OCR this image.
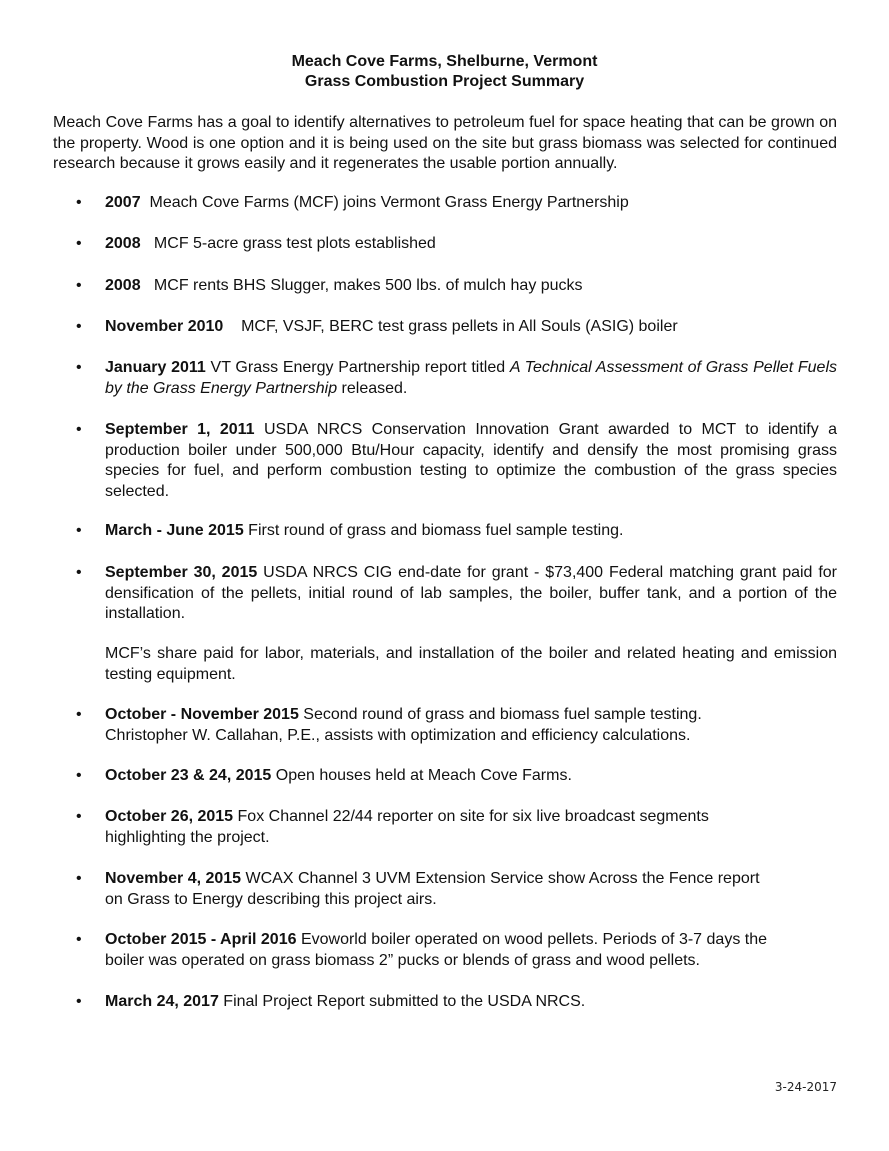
Meach Cove Farms, Shelburne, Vermont
Grass Combustion Project Summary
Meach Cove Farms has a goal to identify alternatives to petroleum fuel for space heating that can be grown on the property. Wood is one option and it is being used on the site but grass biomass was selected for continued research because it grows easily and it regenerates the usable portion annually.
• 2007  Meach Cove Farms (MCF) joins Vermont Grass Energy Partnership
• 2008   MCF 5-acre grass test plots established
• 2008   MCF rents BHS Slugger, makes 500 lbs. of mulch hay pucks
• November 2010    MCF, VSJF, BERC test grass pellets in All Souls (ASIG) boiler
• January 2011 VT Grass Energy Partnership report titled A Technical Assessment of Grass Pellet Fuels by the Grass Energy Partnership released.
• September 1, 2011 USDA NRCS Conservation Innovation Grant awarded to MCT to identify a production boiler under 500,000 Btu/Hour capacity, identify and densify the most promising grass species for fuel, and perform combustion testing to optimize the combustion of the grass species selected.
• March - June 2015 First round of grass and biomass fuel sample testing.
• September 30, 2015 USDA NRCS CIG end-date for grant - $73,400 Federal matching grant paid for densification of the pellets, initial round of lab samples, the boiler, buffer tank, and a portion of the installation.
MCF’s share paid for labor, materials, and installation of the boiler and related heating and emission testing equipment.
• October - November 2015 Second round of grass and biomass fuel sample testing.
Christopher W. Callahan, P.E., assists with optimization and efficiency calculations.
• October 23 & 24, 2015 Open houses held at Meach Cove Farms.
• October 26, 2015 Fox Channel 22/44 reporter on site for six live broadcast segments
highlighting the project.
• November 4, 2015 WCAX Channel 3 UVM Extension Service show Across the Fence report
on Grass to Energy describing this project airs.
• October 2015 - April 2016 Evoworld boiler operated on wood pellets. Periods of 3-7 days the
boiler was operated on grass biomass 2” pucks or blends of grass and wood pellets.
• March 24, 2017 Final Project Report submitted to the USDA NRCS.
3-24-2017
